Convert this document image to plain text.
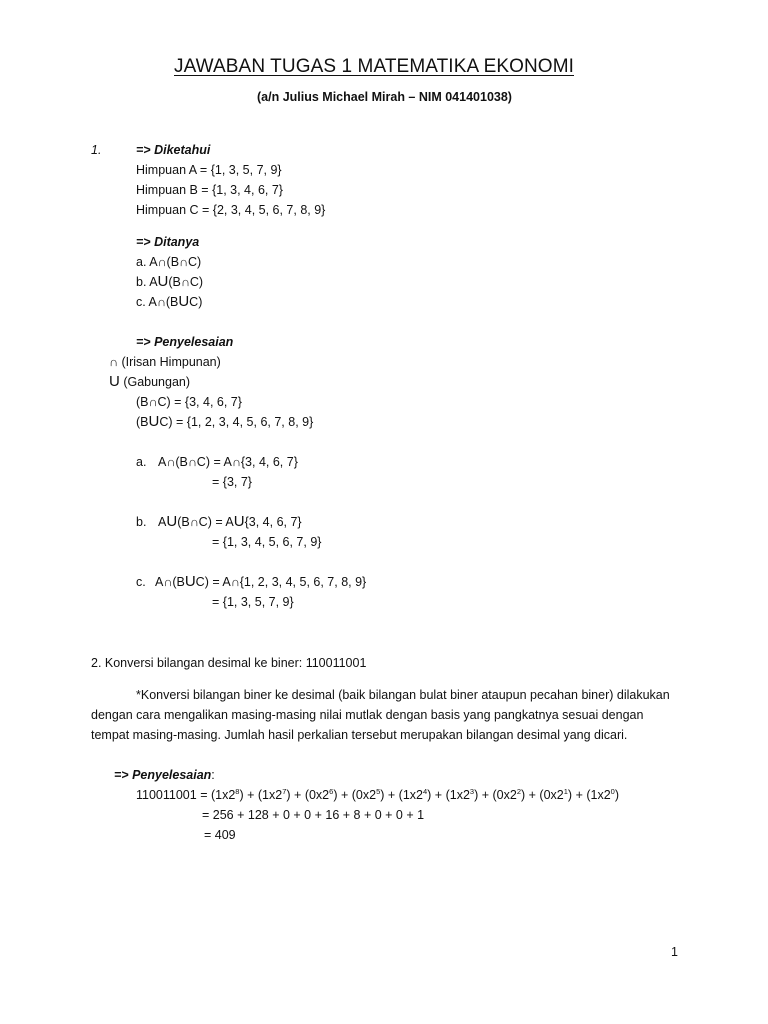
JAWABAN TUGAS 1 MATEMATIKA EKONOMI
(a/n Julius Michael Mirah – NIM 041401038)
1.	=> Diketahui
Himpuan A = {1, 3, 5, 7, 9}
Himpuan B = {1, 3, 4, 6, 7}
Himpuan C = {2, 3, 4, 5, 6, 7, 8, 9}
=> Ditanya
a. A∩(B∩C)
b. AU(B∩C)
c. A∩(BUC)
=> Penyelesaian
∩ (Irisan Himpunan)
U (Gabungan)
(B∩C) = {3, 4, 6, 7}
(BUC) = {1, 2, 3, 4, 5, 6, 7, 8, 9}
a. A∩(B∩C) = A∩{3, 4, 6, 7}
= {3, 7}
b. AU(B∩C) = AU{3, 4, 6, 7}
= {1, 3, 4, 5, 6, 7, 9}
c. A∩(BUC) = A∩{1, 2, 3, 4, 5, 6, 7, 8, 9}
= {1, 3, 5, 7, 9}
2. Konversi bilangan desimal ke biner: 110011001
*Konversi bilangan biner ke desimal (baik bilangan bulat biner ataupun pecahan biner) dilakukan
dengan cara mengalikan masing-masing nilai mutlak dengan basis yang pangkatnya sesuai dengan
tempat masing-masing. Jumlah hasil perkalian tersebut merupakan bilangan desimal yang dicari.
=> Penyelesaian:
$110011001 = (1x2^8) + (1x2^7) + (0x2^6) + (0x2^5) + (1x2^4) + (1x2^3) + (0x2^2) + (0x2^1) + (1x2^0)$
= 256 + 128 + 0 + 0 + 16 + 8 + 0 + 0 + 1
= 409
1
